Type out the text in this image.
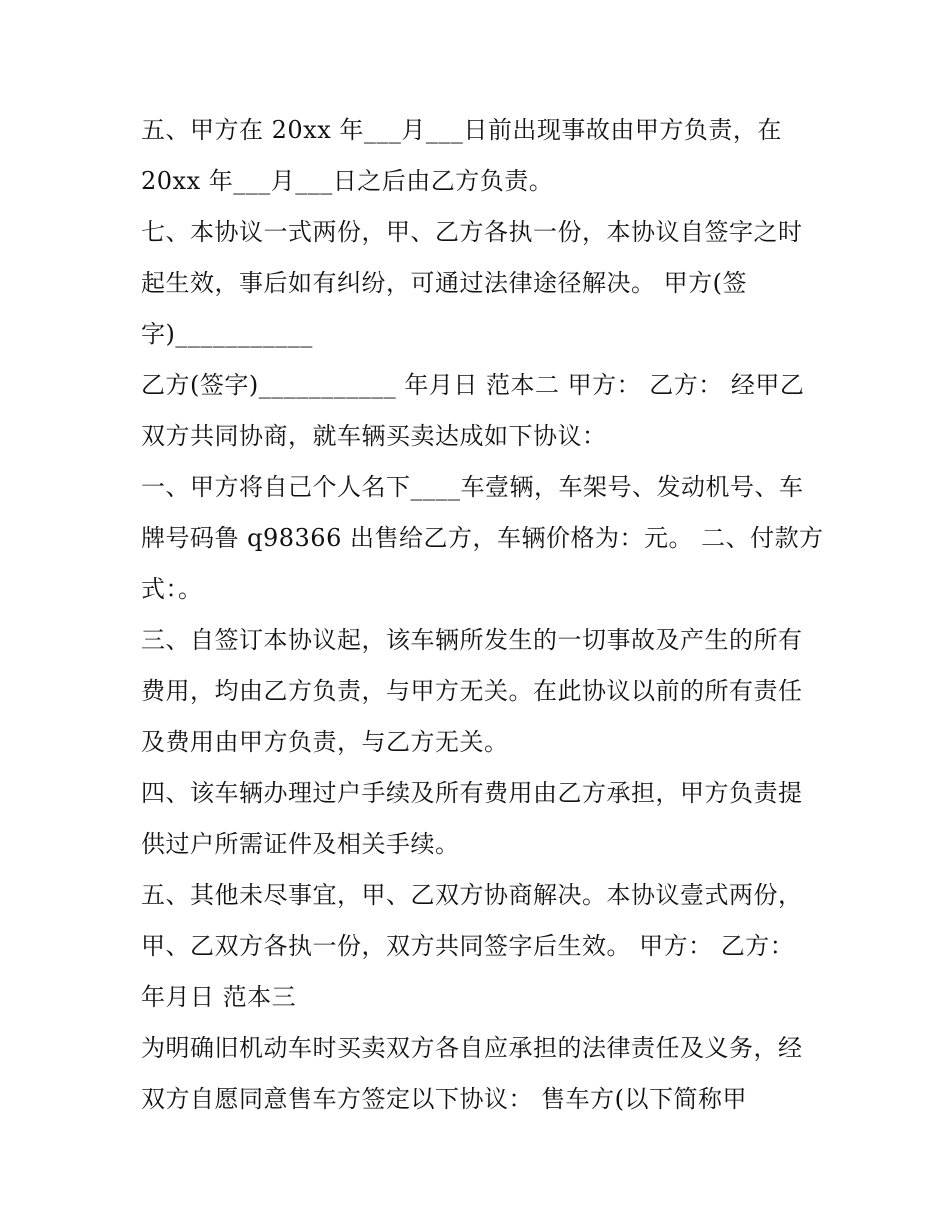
五、甲方在 20xx 年___月___日前出现事故由甲方负责，在
20xx 年___月___日之后由乙方负责。
七、本协议一式两份，甲、乙方各执一份，本协议自签字之时
起生效，事后如有纠纷，可通过法律途径解决。 甲方(签
字)___________
乙方(签字)___________ 年月日 范本二 甲方： 乙方： 经甲乙
双方共同协商，就车辆买卖达成如下协议：
一、甲方将自己个人名下____车壹辆，车架号、发动机号、车
牌号码鲁 q98366 出售给乙方，车辆价格为：元。 二、付款方
式：。
三、自签订本协议起，该车辆所发生的一切事故及产生的所有
费用，均由乙方负责，与甲方无关。在此协议以前的所有责任
及费用由甲方负责，与乙方无关。
四、该车辆办理过户手续及所有费用由乙方承担，甲方负责提
供过户所需证件及相关手续。
五、其他未尽事宜，甲、乙双方协商解决。本协议壹式两份，
甲、乙双方各执一份，双方共同签字后生效。 甲方： 乙方：
年月日 范本三
为明确旧机动车时买卖双方各自应承担的法律责任及义务，经
双方自愿同意售车方签定以下协议： 售车方(以下简称甲
